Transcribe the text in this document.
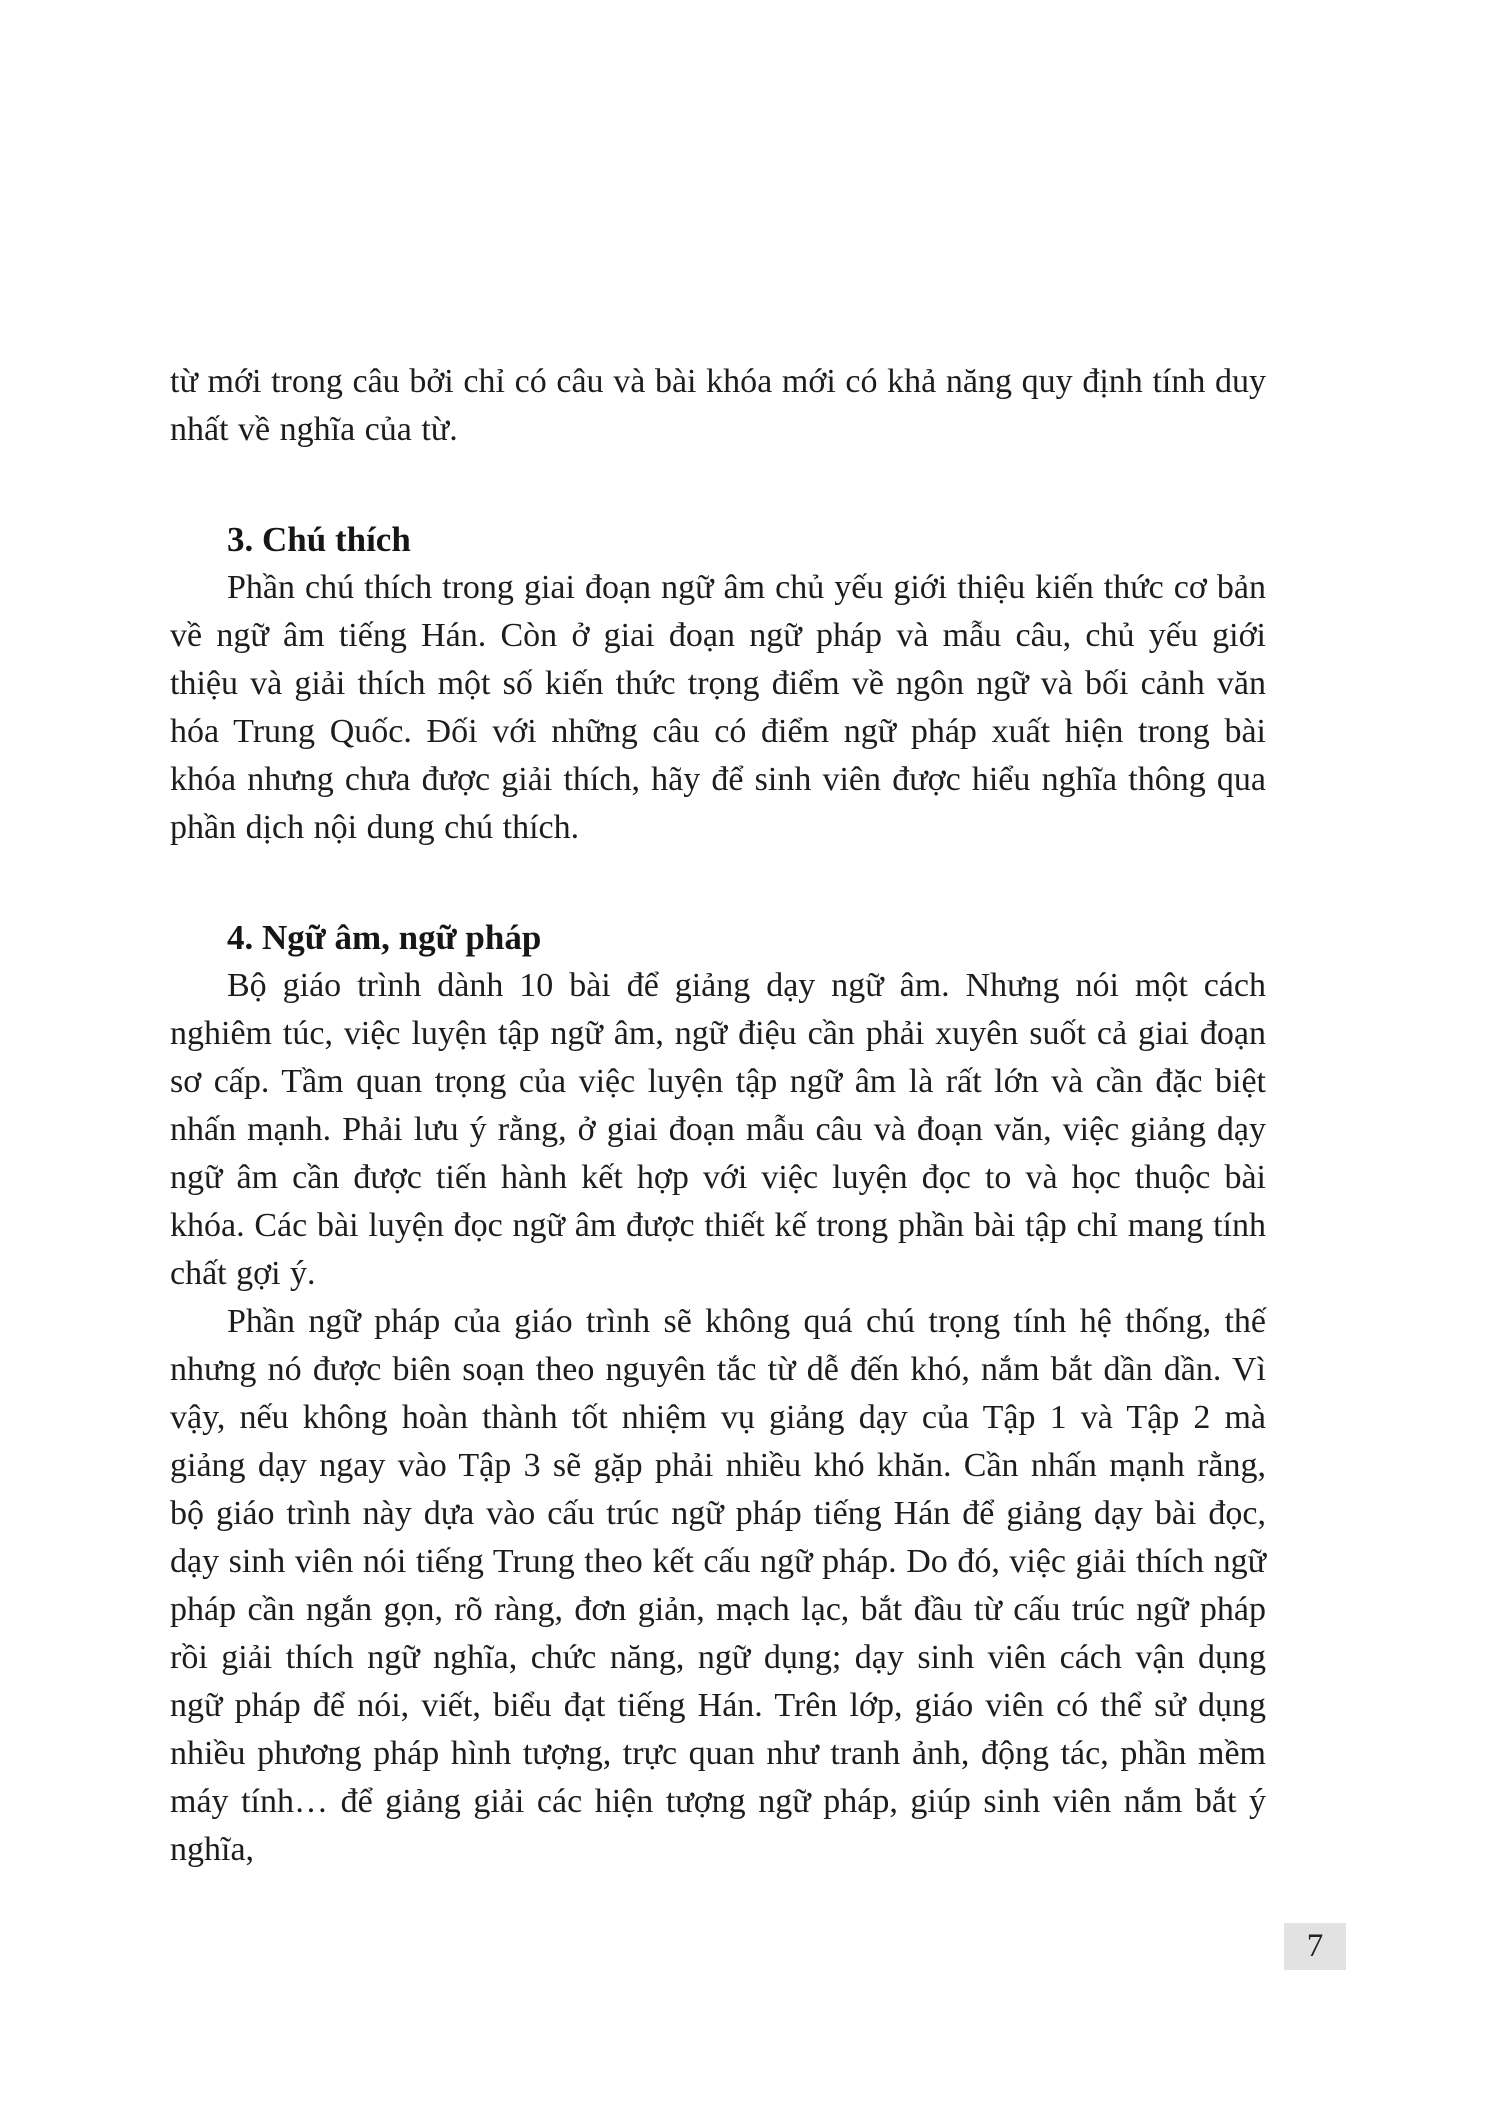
từ mới trong câu bởi chỉ có câu và bài khóa mới có khả năng quy định tính duy nhất về nghĩa của từ.

3. Chú thích

Phần chú thích trong giai đoạn ngữ âm chủ yếu giới thiệu kiến thức cơ bản về ngữ âm tiếng Hán. Còn ở giai đoạn ngữ pháp và mẫu câu, chủ yếu giới thiệu và giải thích một số kiến thức trọng điểm về ngôn ngữ và bối cảnh văn hóa Trung Quốc. Đối với những câu có điểm ngữ pháp xuất hiện trong bài khóa nhưng chưa được giải thích, hãy để sinh viên được hiểu nghĩa thông qua phần dịch nội dung chú thích.

4. Ngữ âm, ngữ pháp

Bộ giáo trình dành 10 bài để giảng dạy ngữ âm. Nhưng nói một cách nghiêm túc, việc luyện tập ngữ âm, ngữ điệu cần phải xuyên suốt cả giai đoạn sơ cấp. Tầm quan trọng của việc luyện tập ngữ âm là rất lớn và cần đặc biệt nhấn mạnh. Phải lưu ý rằng, ở giai đoạn mẫu câu và đoạn văn, việc giảng dạy ngữ âm cần được tiến hành kết hợp với việc luyện đọc to và học thuộc bài khóa. Các bài luyện đọc ngữ âm được thiết kế trong phần bài tập chỉ mang tính chất gợi ý.

Phần ngữ pháp của giáo trình sẽ không quá chú trọng tính hệ thống, thế nhưng nó được biên soạn theo nguyên tắc từ dễ đến khó, nắm bắt dần dần. Vì vậy, nếu không hoàn thành tốt nhiệm vụ giảng dạy của Tập 1 và Tập 2 mà giảng dạy ngay vào Tập 3 sẽ gặp phải nhiều khó khăn. Cần nhấn mạnh rằng, bộ giáo trình này dựa vào cấu trúc ngữ pháp tiếng Hán để giảng dạy bài đọc, dạy sinh viên nói tiếng Trung theo kết cấu ngữ pháp. Do đó, việc giải thích ngữ pháp cần ngắn gọn, rõ ràng, đơn giản, mạch lạc, bắt đầu từ cấu trúc ngữ pháp rồi giải thích ngữ nghĩa, chức năng, ngữ dụng; dạy sinh viên cách vận dụng ngữ pháp để nói, viết, biểu đạt tiếng Hán. Trên lớp, giáo viên có thể sử dụng nhiều phương pháp hình tượng, trực quan như tranh ảnh, động tác, phần mềm máy tính… để giảng giải các hiện tượng ngữ pháp, giúp sinh viên nắm bắt ý nghĩa,

7
